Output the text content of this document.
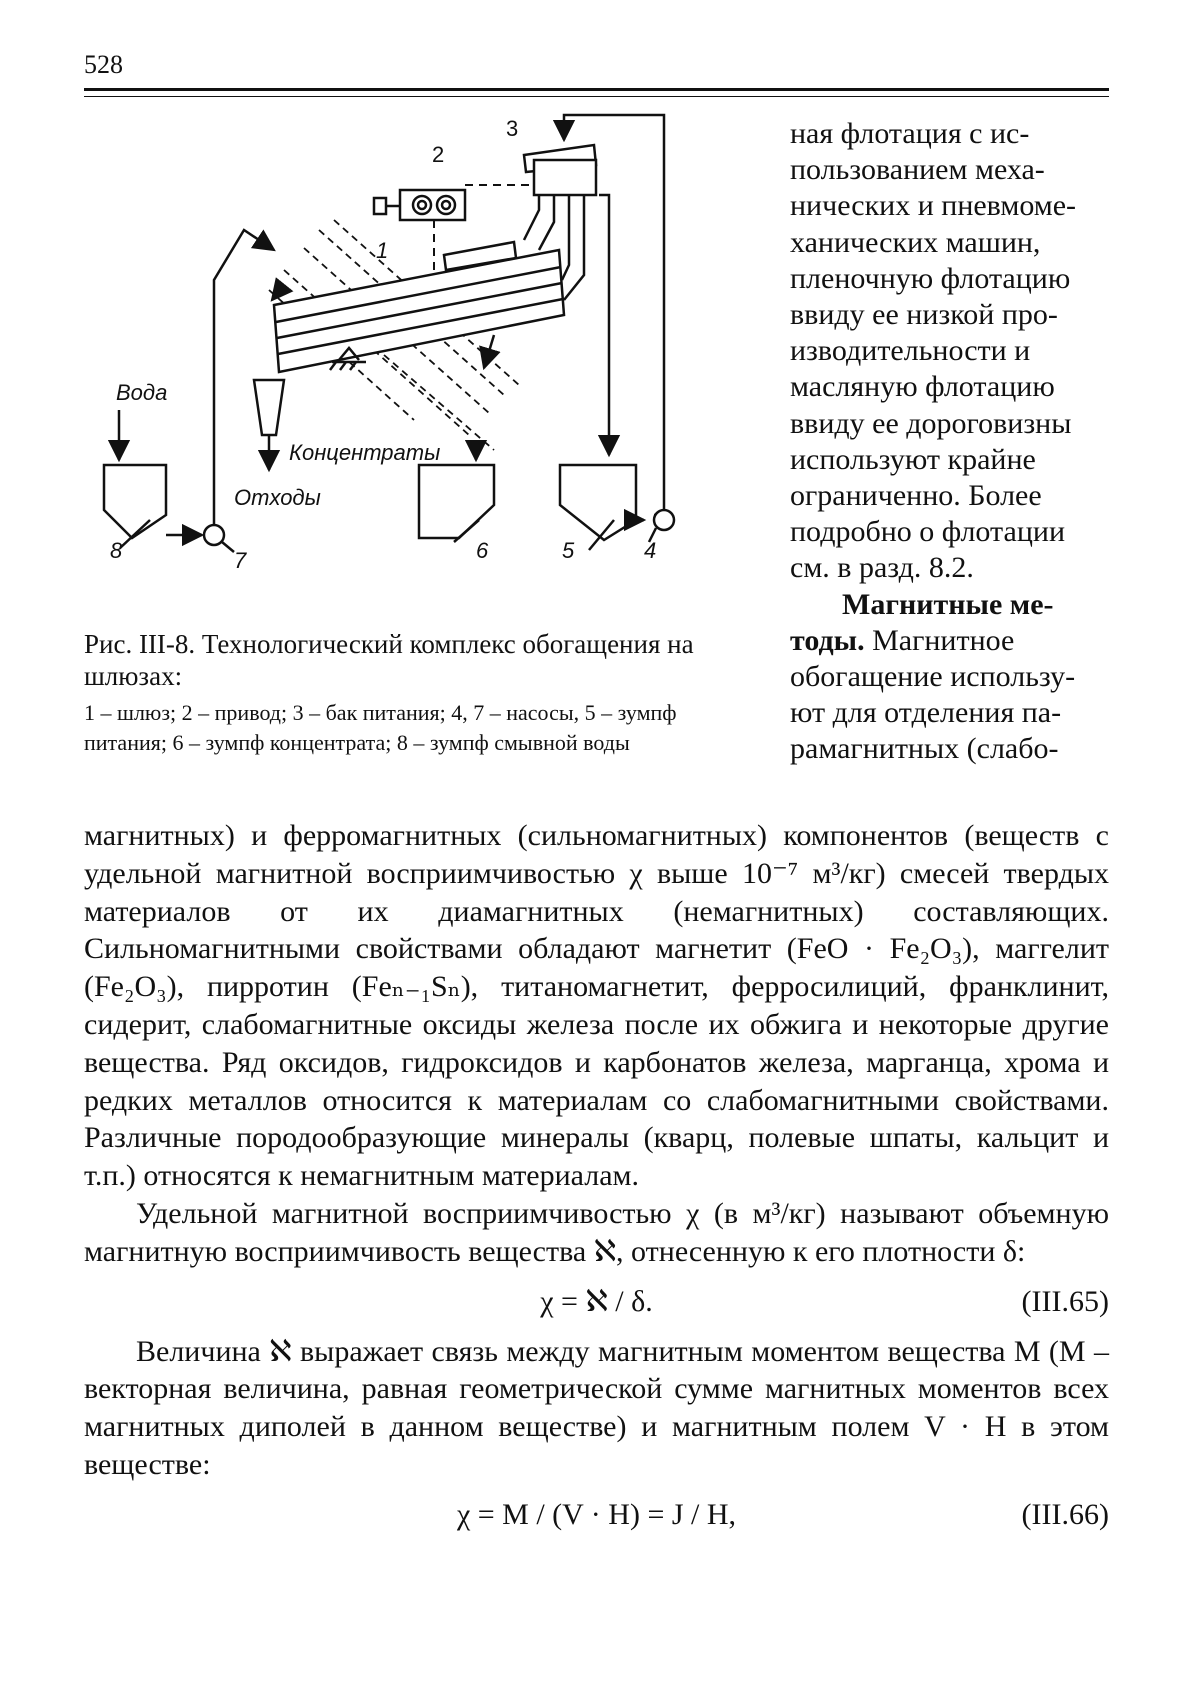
528
Вода
Концентраты
Отходы
1
2
3
4
5
6
7
8

Рис. III-8. Технологический комплекс обогащения на шлюзах:

1 – шлюз; 2 – привод; 3 – бак питания; 4, 7 – насосы, 5 – зумпф питания; 6 – зумпф концентрата; 8 – зумпф смывной воды

ная флотация с ис-
пользованием меха-
нических и пневмоме-
ханических машин,
пленочную флотацию
ввиду ее низкой про-
изводительности и
масляную флотацию
ввиду ее дороговизны
используют крайне
ограниченно. Более
подробно о флотации
см. в разд. 8.2.
Магнитные ме-
тоды. Магнитное
обогащение использу-
ют для отделения па-
рамагнитных (слабо-

магнитных) и ферромагнитных (сильномагнитных) компонентов (веществ с удельной магнитной восприимчивостью χ выше 10⁻⁷ м³/кг) смесей твердых материалов от их диамагнитных (немагнитных) составляющих. Сильномагнитными свойствами обладают магнетит (FeO · Fe₂O₃), маггелит (Fe₂O₃), пирротин (Feₙ₋₁Sₙ), титаномагнетит, ферросилиций, франклинит, сидерит, слабомагнитные оксиды железа после их обжига и некоторые другие вещества. Ряд оксидов, гидроксидов и карбонатов железа, марганца, хрома и редких металлов относится к материалам со слабомагнитными свойствами. Различные породообразующие минералы (кварц, полевые шпаты, кальцит и т.п.) относятся к немагнитным материалам.

Удельной магнитной восприимчивостью χ (в м³/кг) называют объемную магнитную восприимчивость вещества ℵ, отнесенную к его плотности δ:

χ = ℵ / δ.	(III.65)

Величина ℵ выражает связь между магнитным моментом вещества M (M – векторная величина, равная геометрической сумме магнитных моментов всех магнитных диполей в данном веществе) и магнитным полем V · H в этом веществе:

χ = M / (V · H) = J / H,	(III.66)
